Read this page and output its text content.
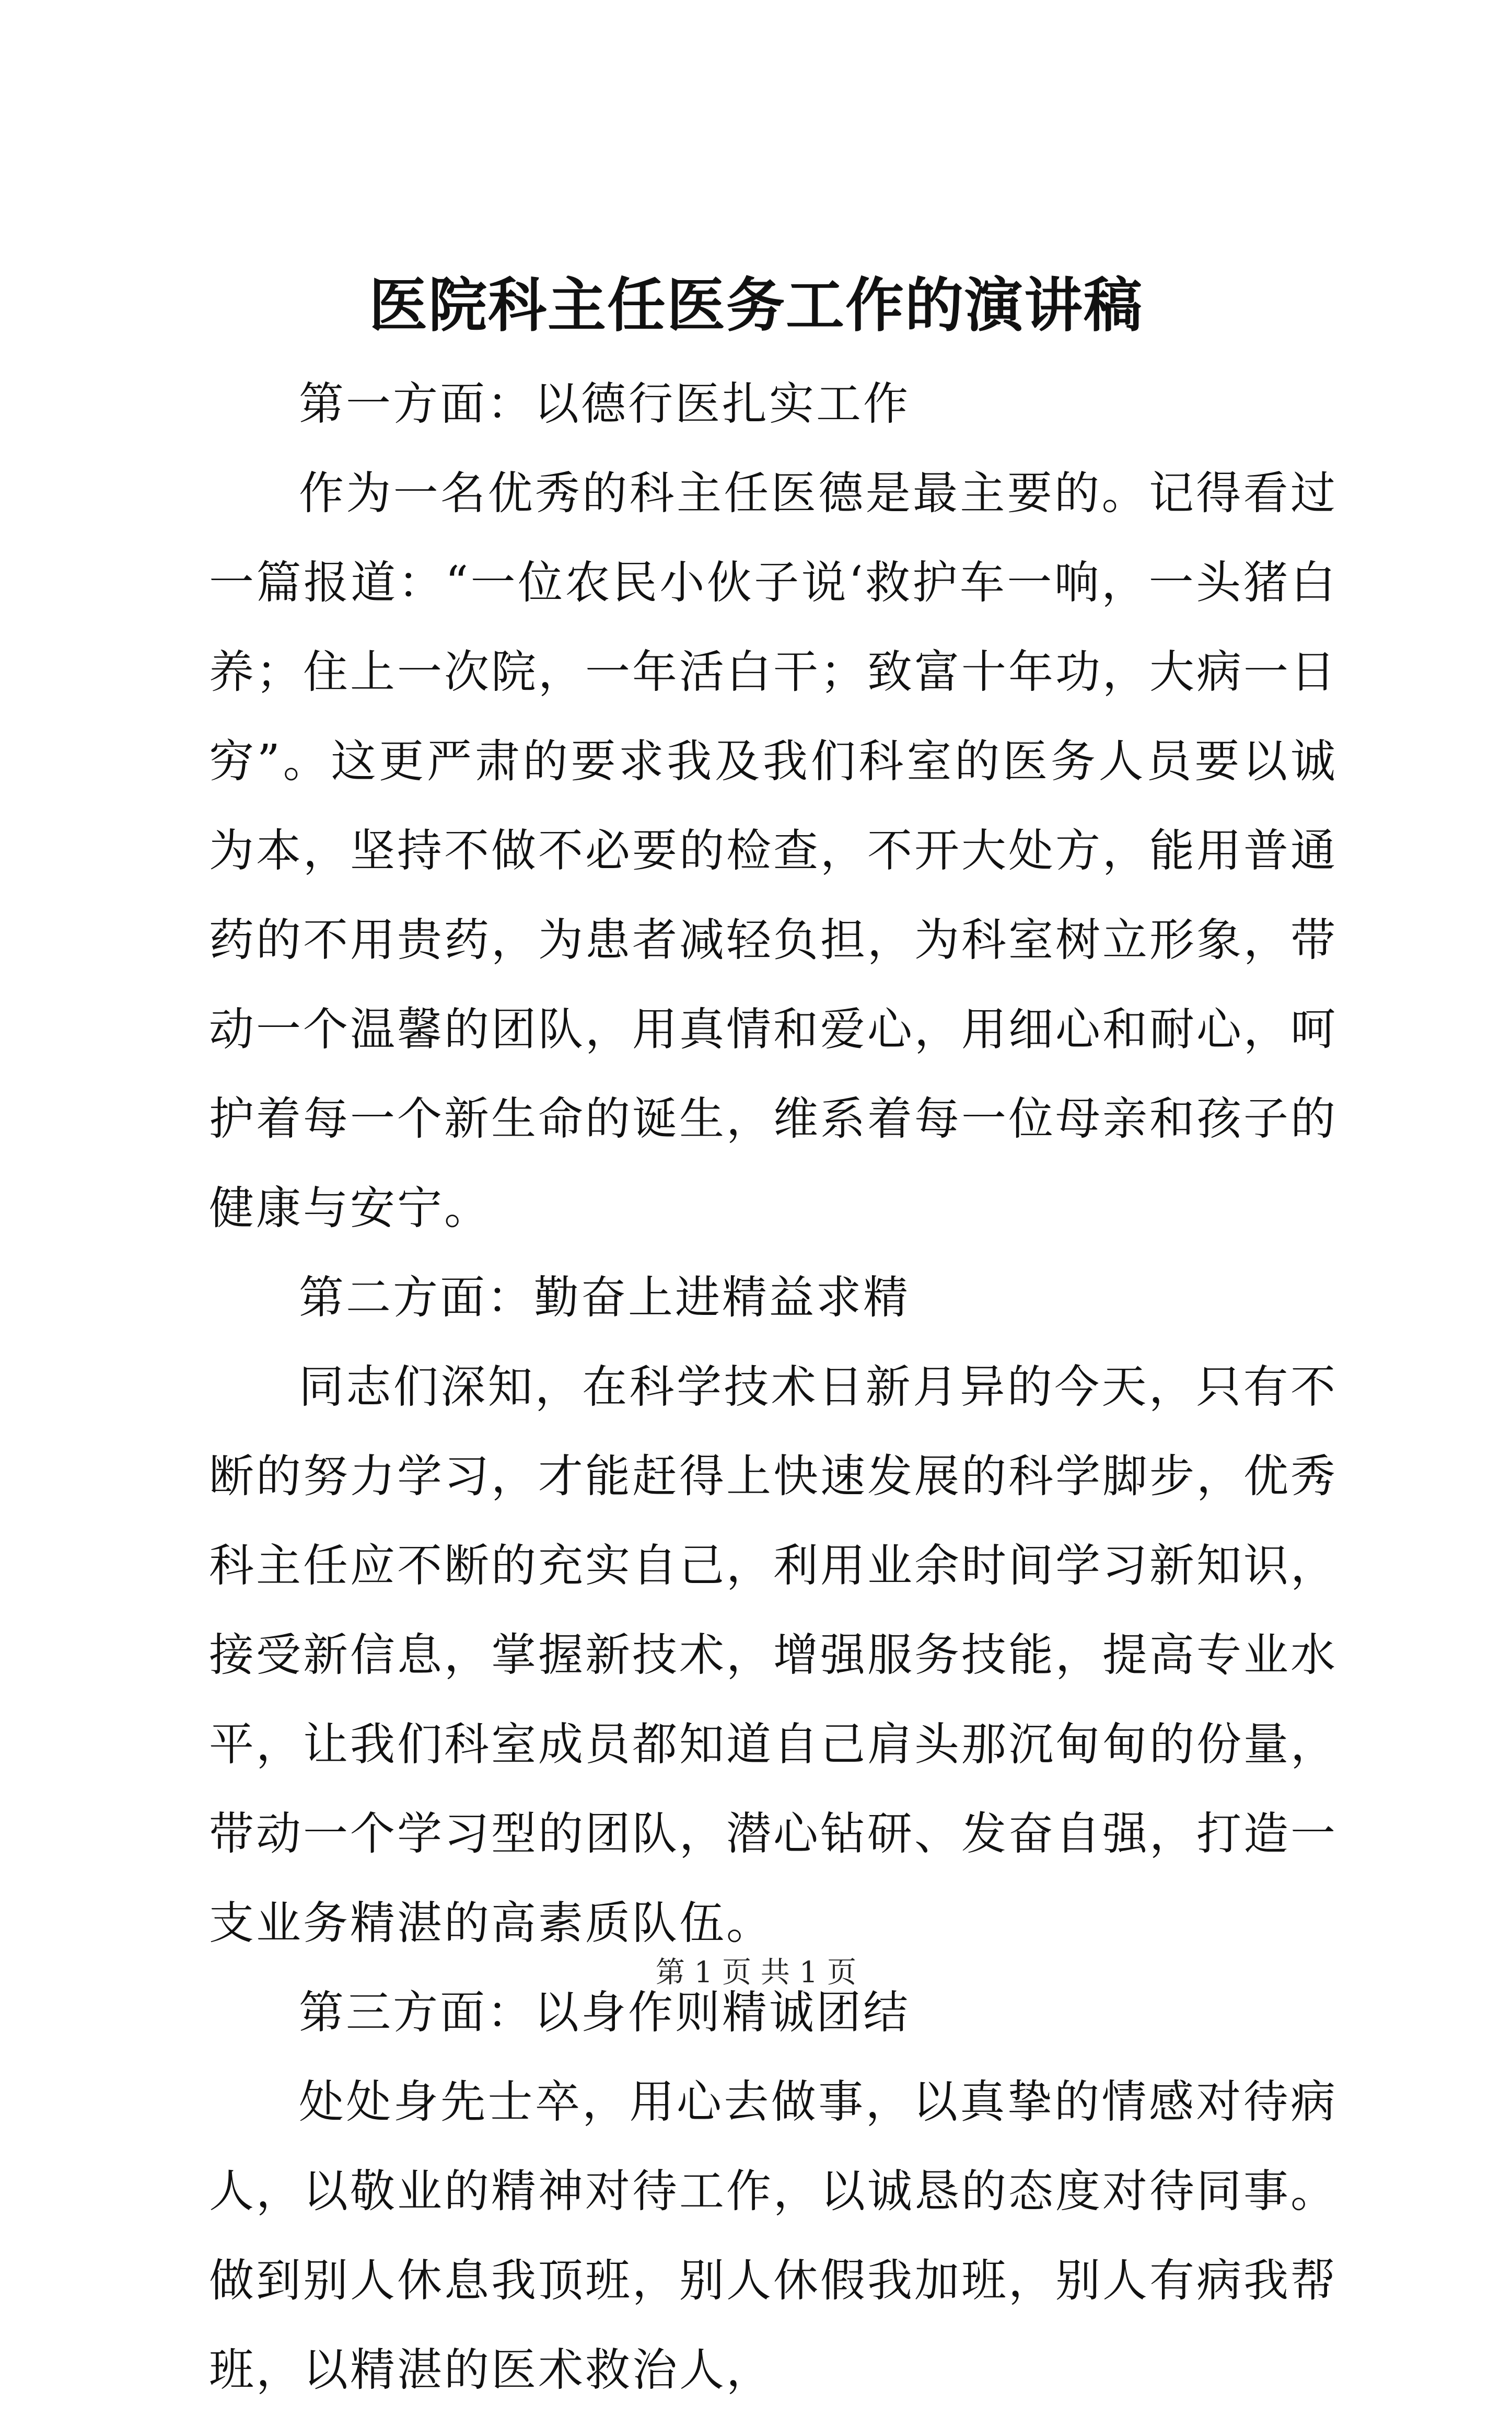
医院科主任医务工作的演讲稿

第一方面：以德行医扎实工作

作为一名优秀的科主任医德是最主要的。记得看过一篇报道：“一位农民小伙子说‘救护车一响，一头猪白养；住上一次院，一年活白干；致富十年功，大病一日穷”。这更严肃的要求我及我们科室的医务人员要以诚为本，坚持不做不必要的检查，不开大处方，能用普通药的不用贵药，为患者减轻负担，为科室树立形象，带动一个温馨的团队，用真情和爱心，用细心和耐心，呵护着每一个新生命的诞生，维系着每一位母亲和孩子的健康与安宁。

第二方面：勤奋上进精益求精

同志们深知，在科学技术日新月异的今天，只有不断的努力学习，才能赶得上快速发展的科学脚步，优秀科主任应不断的充实自己，利用业余时间学习新知识，接受新信息，掌握新技术，增强服务技能，提高专业水平，让我们科室成员都知道自己肩头那沉甸甸的份量，带动一个学习型的团队，潜心钻研、发奋自强，打造一支业务精湛的高素质队伍。

第三方面：以身作则精诚团结

处处身先士卒，用心去做事，以真挚的情感对待病人，以敬业的精神对待工作，以诚恳的态度对待同事。做到别人休息我顶班，别人休假我加班，别人有病我帮班，以精湛的医术救治人，

第 1 页 共 1 页
